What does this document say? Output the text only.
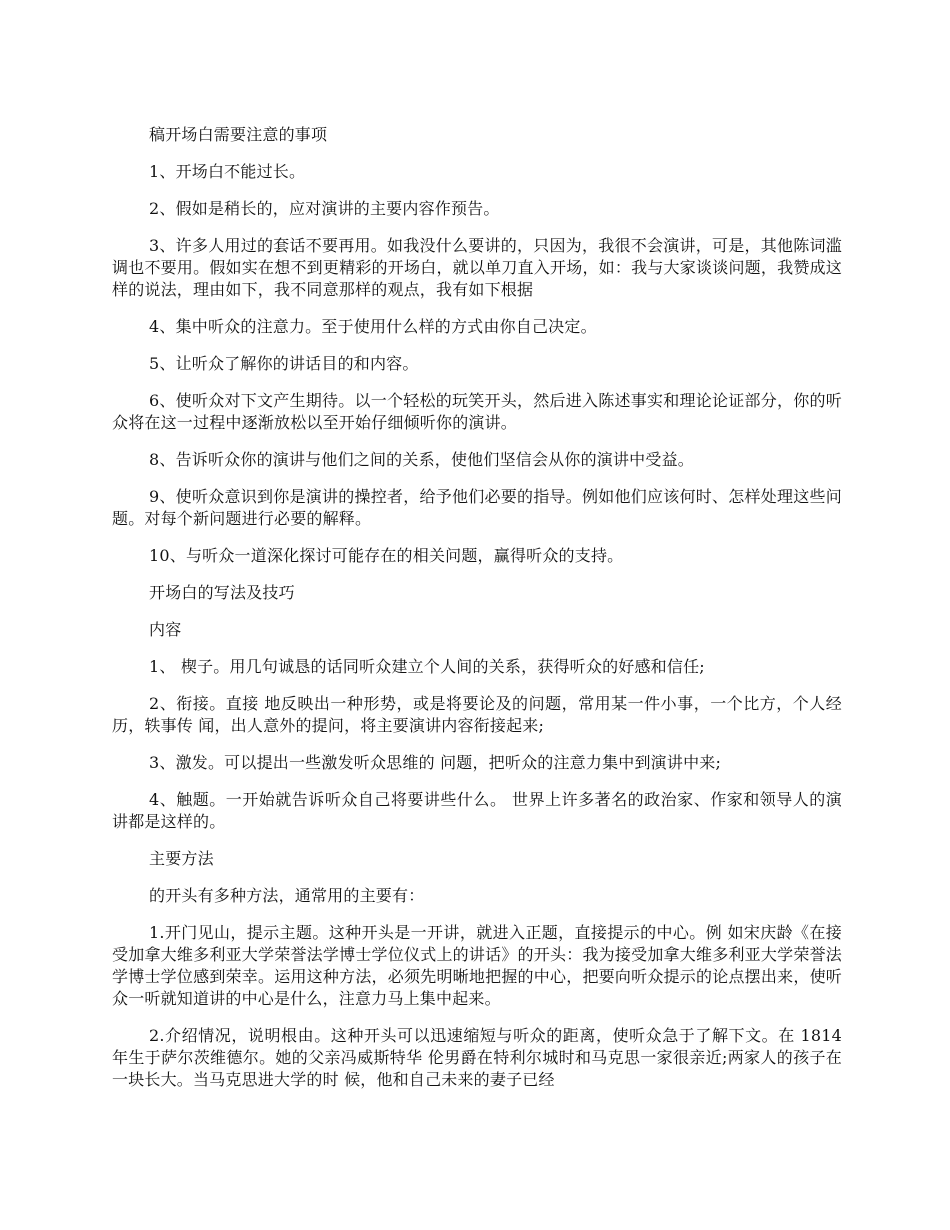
稿开场白需要注意的事项

1、开场白不能过长。

2、假如是稍长的，应对演讲的主要内容作预告。

3、许多人用过的套话不要再用。如我没什么要讲的，只因为，我很不会演讲，可是，其他陈词滥调也不要用。假如实在想不到更精彩的开场白，就以单刀直入开场，如：我与大家谈谈问题，我赞成这样的说法，理由如下，我不同意那样的观点，我有如下根据

4、集中听众的注意力。至于使用什么样的方式由你自己决定。

5、让听众了解你的讲话目的和内容。

6、使听众对下文产生期待。以一个轻松的玩笑开头，然后进入陈述事实和理论论证部分，你的听众将在这一过程中逐渐放松以至开始仔细倾听你的演讲。

8、告诉听众你的演讲与他们之间的关系，使他们坚信会从你的演讲中受益。

9、使听众意识到你是演讲的操控者，给予他们必要的指导。例如他们应该何时、怎样处理这些问题。对每个新问题进行必要的解释。

10、与听众一道深化探讨可能存在的相关问题，赢得听众的支持。

开场白的写法及技巧

内容

1、 楔子。用几句诚恳的话同听众建立个人间的关系，获得听众的好感和信任;

2、衔接。直接 地反映出一种形势，或是将要论及的问题，常用某一件小事，一个比方，个人经历，轶事传 闻，出人意外的提问，将主要演讲内容衔接起来;

3、激发。可以提出一些激发听众思维的 问题，把听众的注意力集中到演讲中来;

4、触题。一开始就告诉听众自己将要讲些什么。 世界上许多著名的政治家、作家和领导人的演讲都是这样的。

主要方法

的开头有多种方法，通常用的主要有：

1.开门见山，提示主题。这种开头是一开讲，就进入正题，直接提示的中心。例 如宋庆龄《在接受加拿大维多利亚大学荣誉法学博士学位仪式上的讲话》的开头：我为接受加拿大维多利亚大学荣誉法学博士学位感到荣幸。运用这种方法，必须先明晰地把握的中心，把要向听众提示的论点摆出来，使听众一听就知道讲的中心是什么，注意力马上集中起来。

2.介绍情况，说明根由。这种开头可以迅速缩短与听众的距离，使听众急于了解下文。在 1814 年生于萨尔茨维德尔。她的父亲冯威斯特华 伦男爵在特利尔城时和马克思一家很亲近;两家人的孩子在一块长大。当马克思进大学的时 候，他和自己未来的妻子已经
